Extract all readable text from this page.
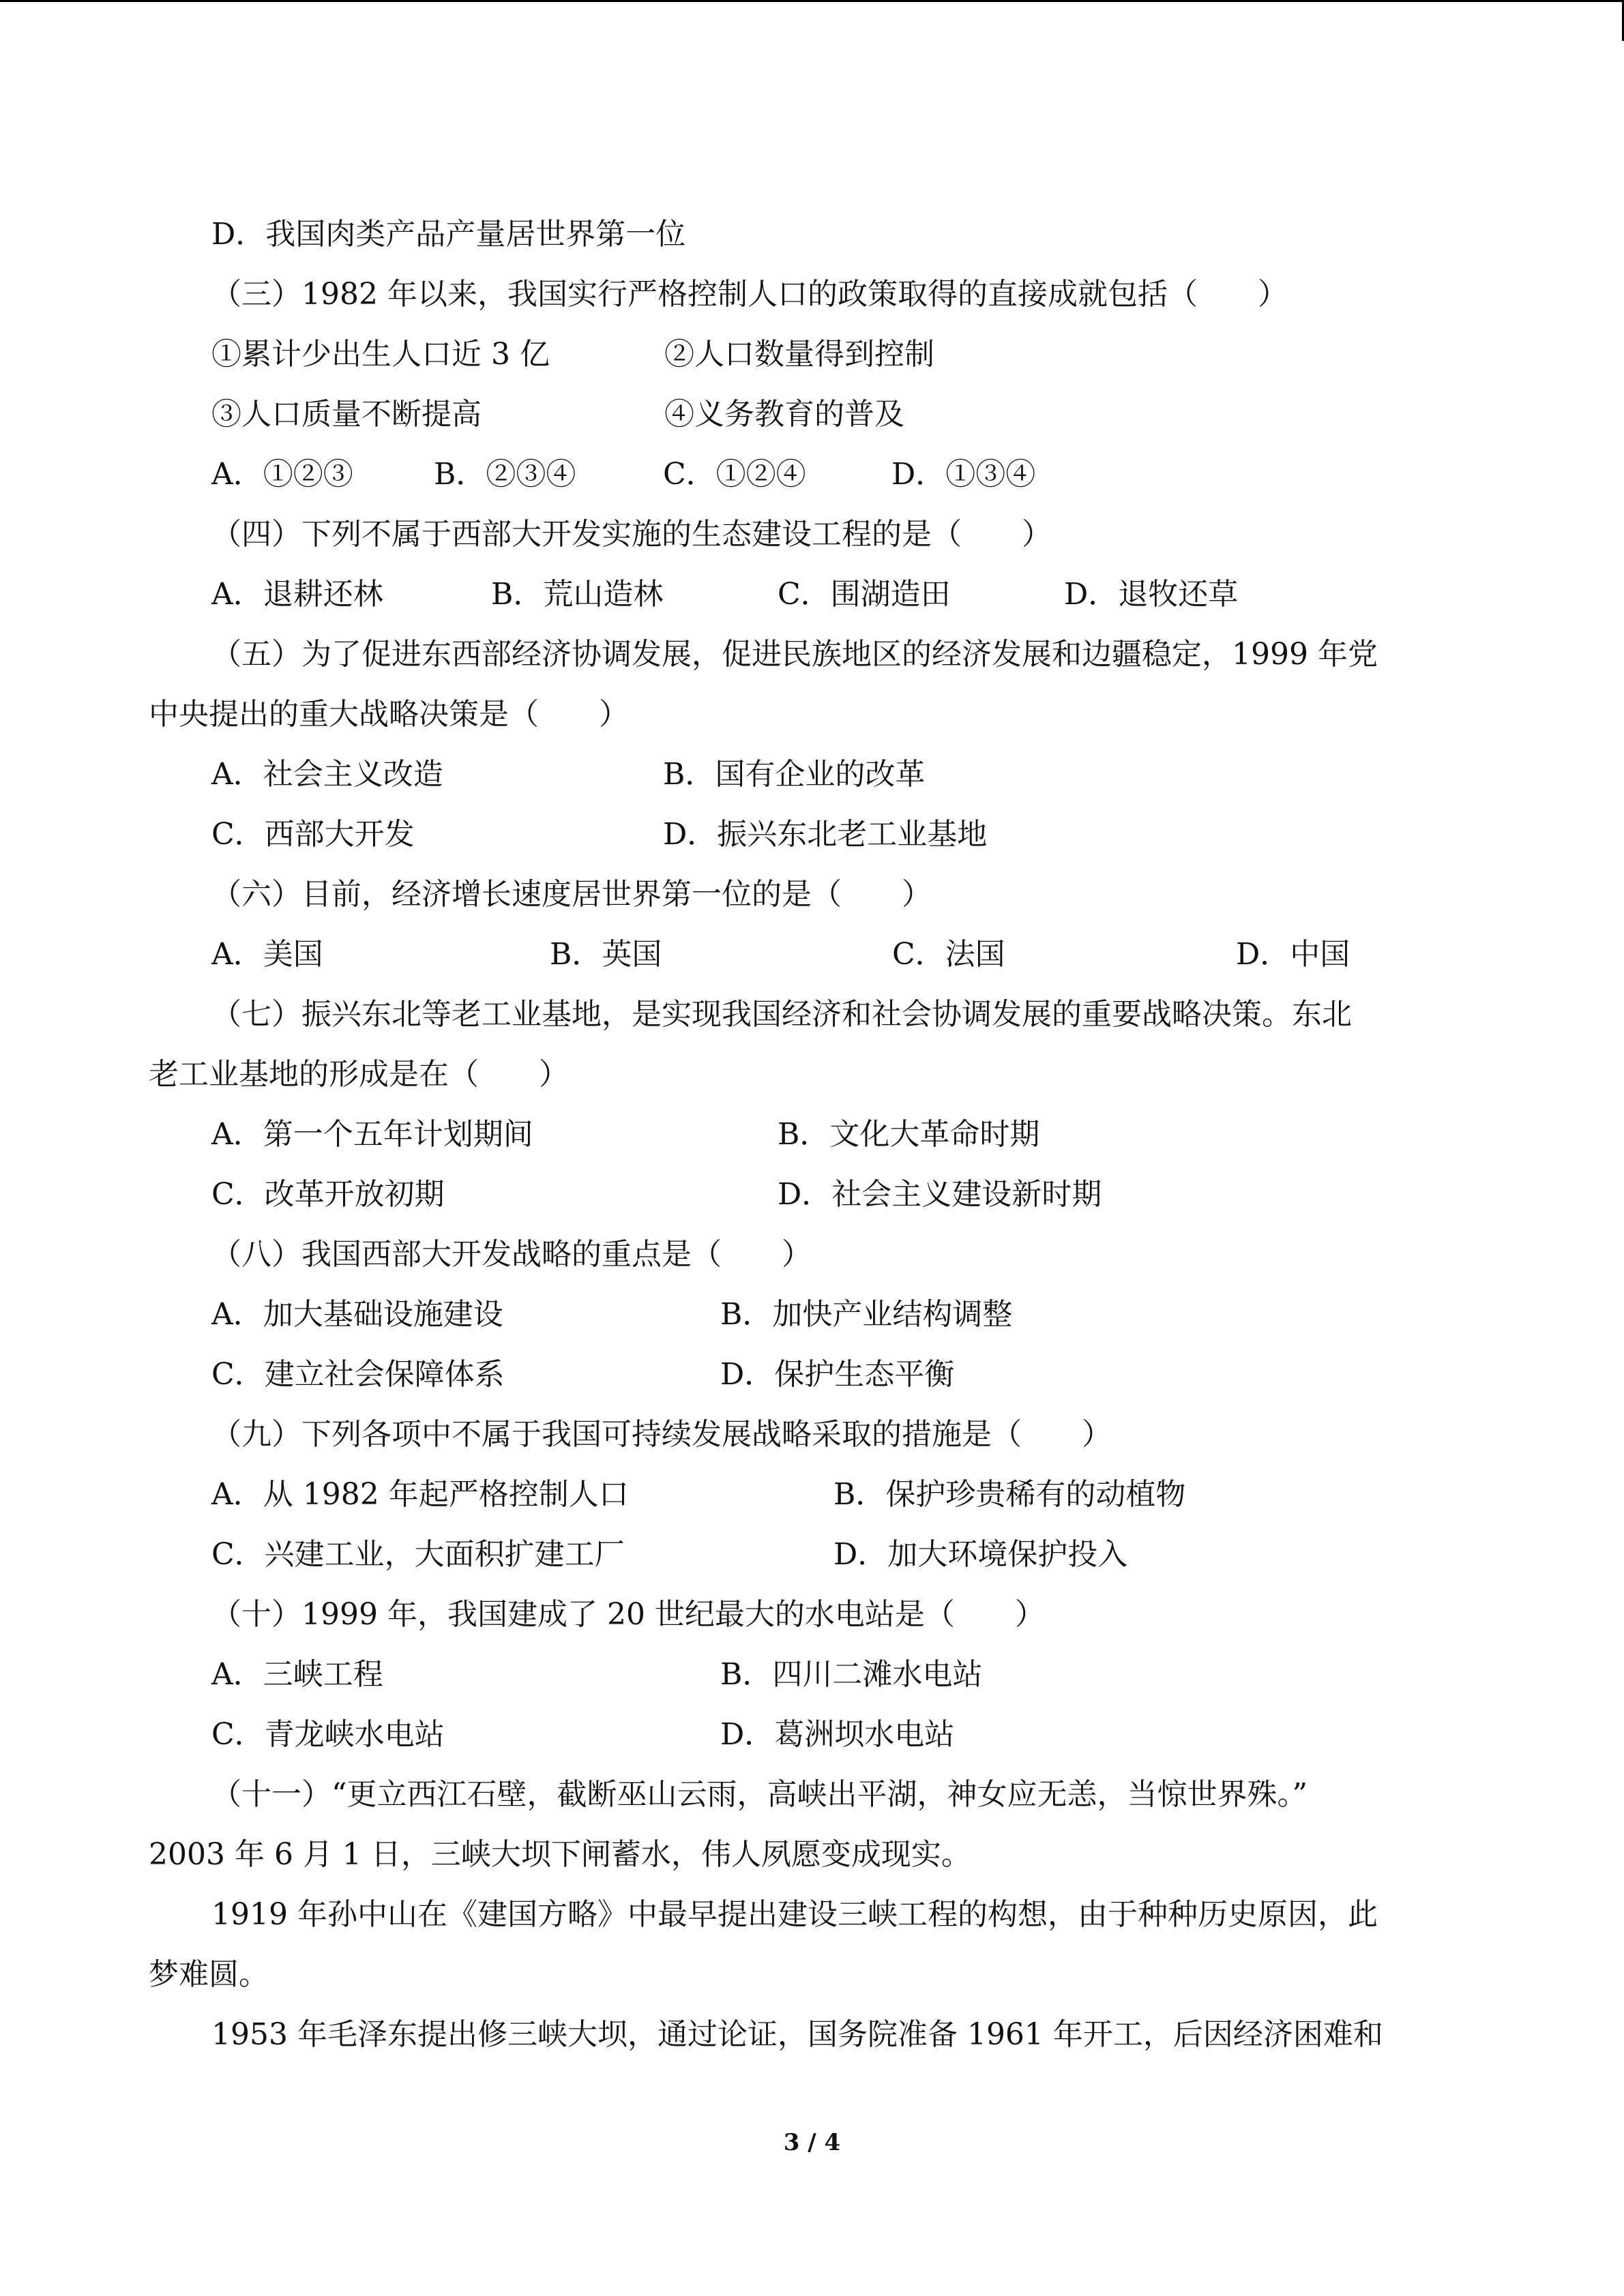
D．我国肉类产品产量居世界第一位
（三）1982 年以来，我国实行严格控制人口的政策取得的直接成就包括（　　）
①累计少出生人口近 3 亿	②人口数量得到控制
③人口质量不断提高	④义务教育的普及
A．①②③	B．②③④	C．①②④	D．①③④
（四）下列不属于西部大开发实施的生态建设工程的是（　　）
A．退耕还林	B．荒山造林	C．围湖造田	D．退牧还草
（五）为了促进东西部经济协调发展，促进民族地区的经济发展和边疆稳定，1999 年党
中央提出的重大战略决策是（　　）
A．社会主义改造	B．国有企业的改革
C．西部大开发	D．振兴东北老工业基地
（六）目前，经济增长速度居世界第一位的是（　　）
A．美国	B．英国	C．法国	D．中国
（七）振兴东北等老工业基地，是实现我国经济和社会协调发展的重要战略决策。东北
老工业基地的形成是在（　　）
A．第一个五年计划期间	B．文化大革命时期
C．改革开放初期	D．社会主义建设新时期
（八）我国西部大开发战略的重点是（　　）
A．加大基础设施建设	B．加快产业结构调整
C．建立社会保障体系	D．保护生态平衡
（九）下列各项中不属于我国可持续发展战略采取的措施是（　　）
A．从 1982 年起严格控制人口	B．保护珍贵稀有的动植物
C．兴建工业，大面积扩建工厂	D．加大环境保护投入
（十）1999 年，我国建成了 20 世纪最大的水电站是（　　）
A．三峡工程	B．四川二滩水电站
C．青龙峡水电站	D．葛洲坝水电站
（十一）“更立西江石壁，截断巫山云雨，高峡出平湖，神女应无恙，当惊世界殊。”
2003 年 6 月 1 日，三峡大坝下闸蓄水，伟人夙愿变成现实。
1919 年孙中山在《建国方略》中最早提出建设三峡工程的构想，由于种种历史原因，此
梦难圆。
1953 年毛泽东提出修三峡大坝，通过论证，国务院准备 1961 年开工，后因经济困难和
3 / 4
